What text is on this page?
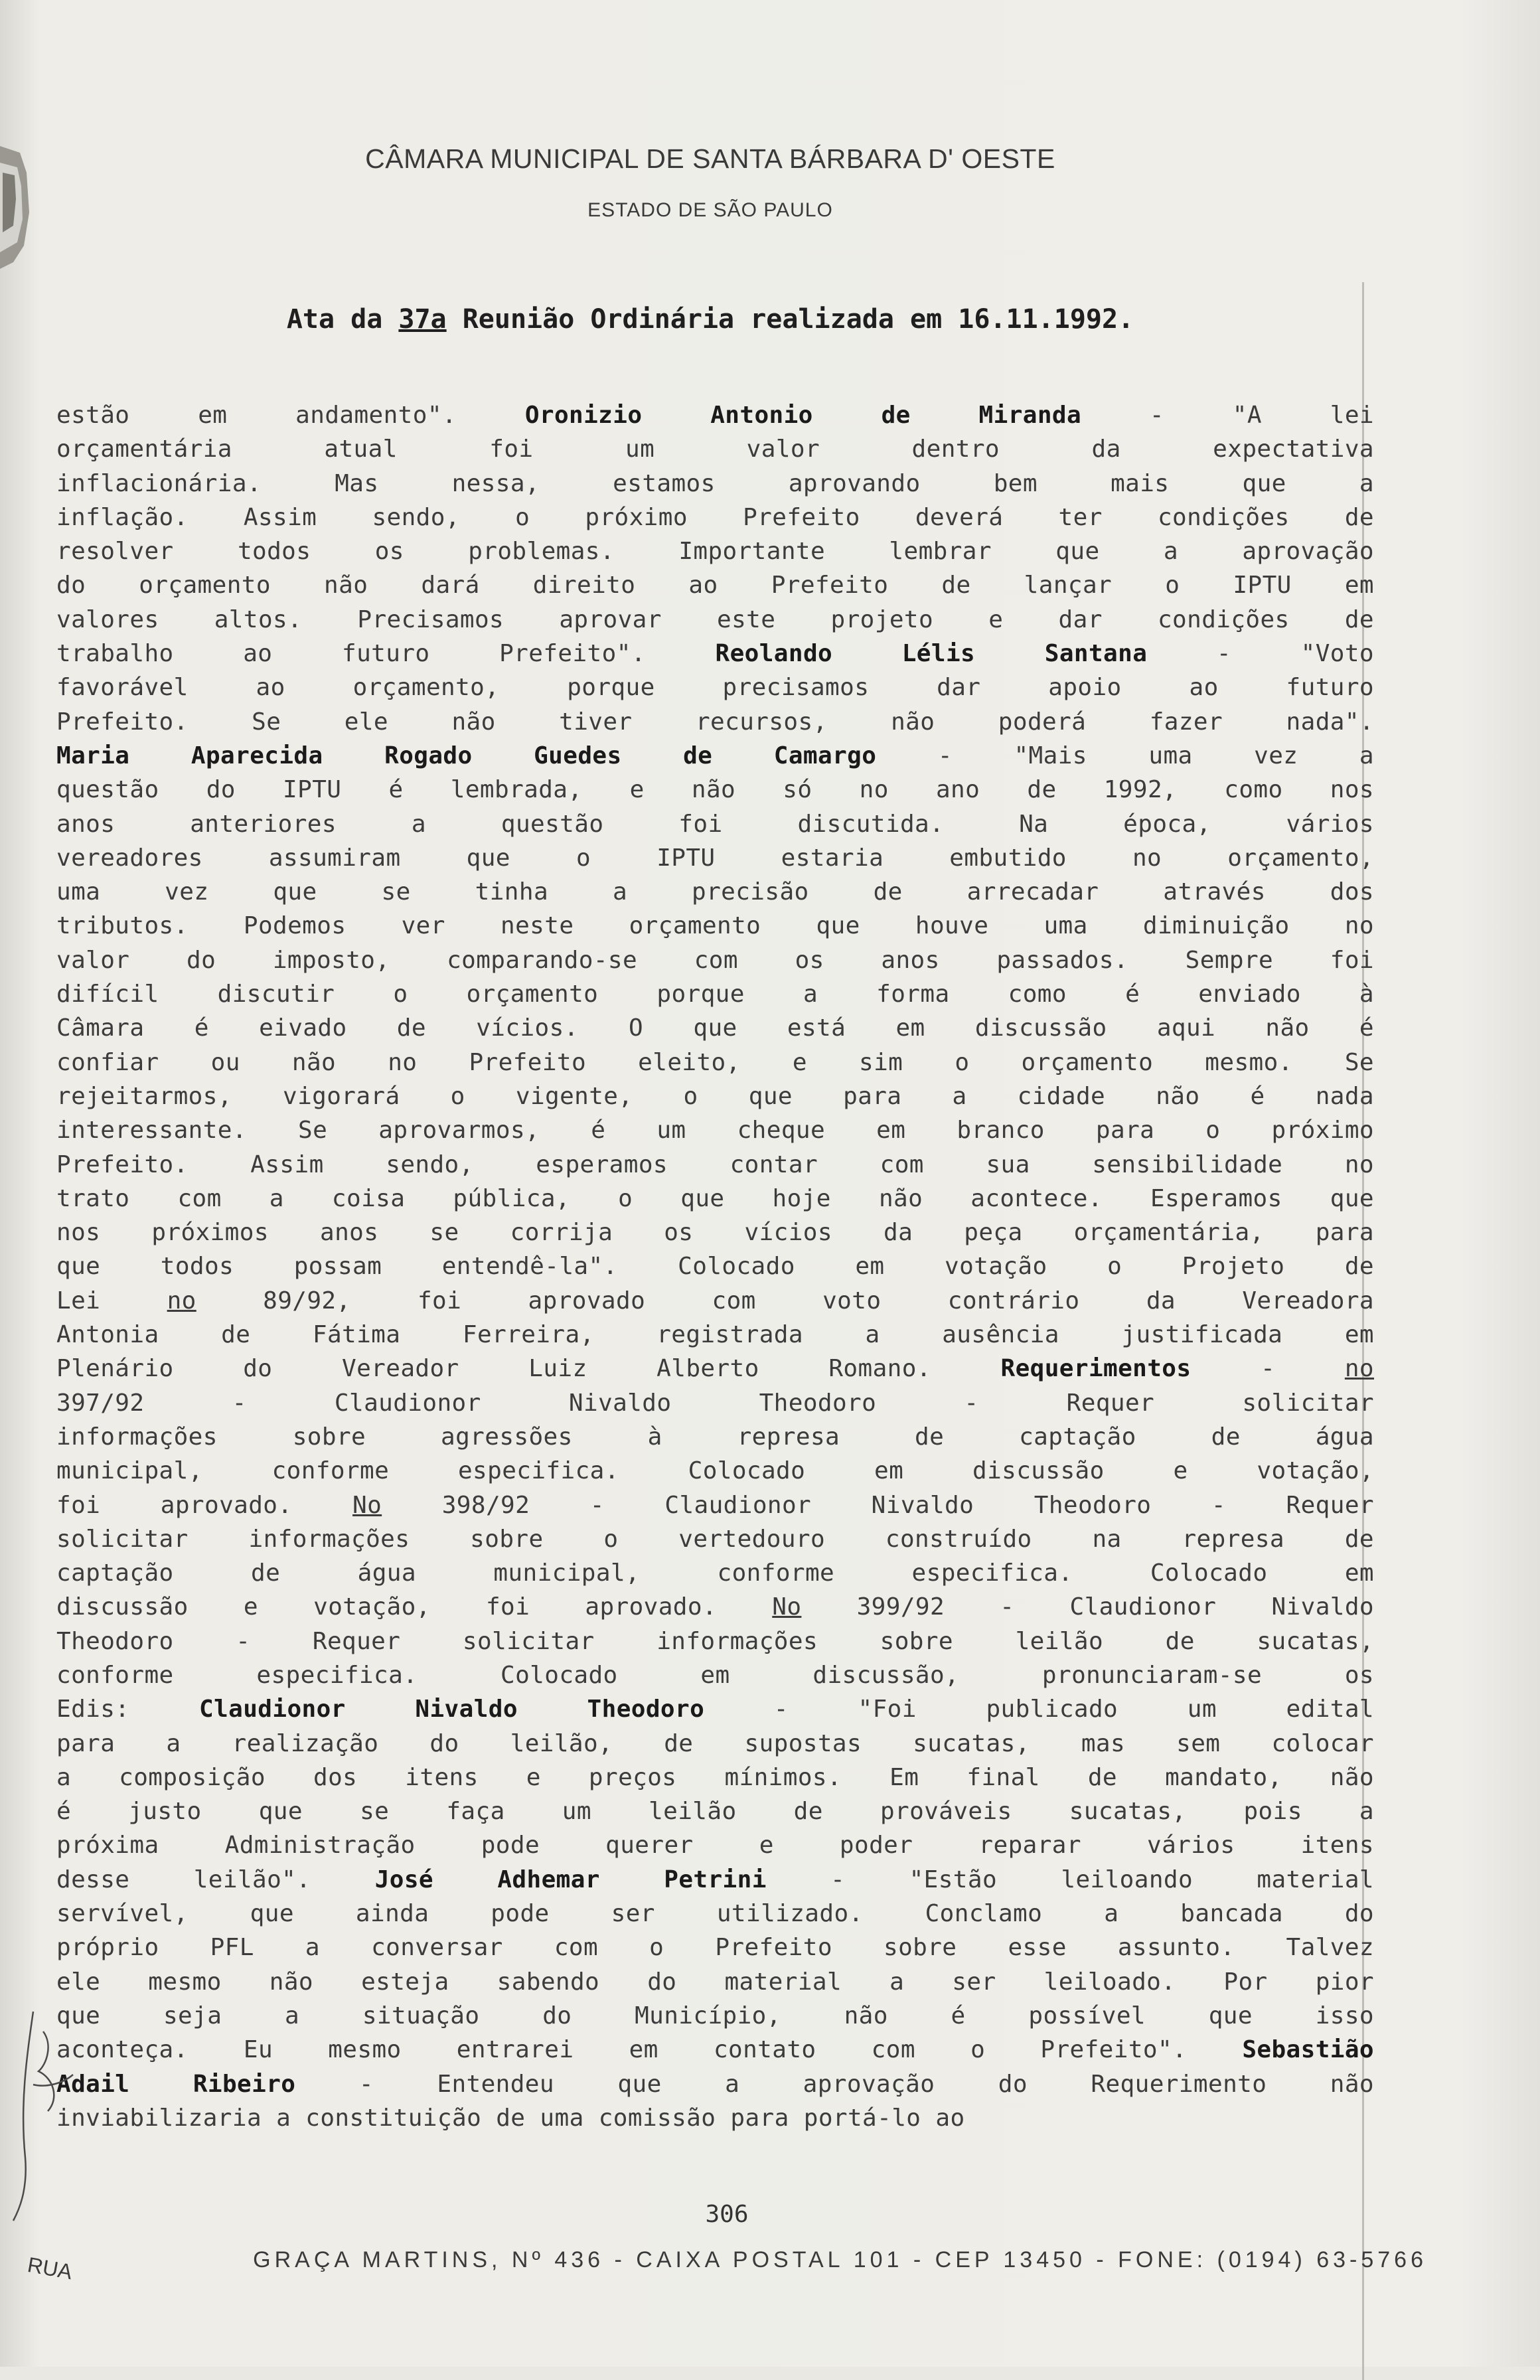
CÂMARA MUNICIPAL DE SANTA BÁRBARA D' OESTE
ESTADO DE SÃO PAULO
Ata da 37a Reunião Ordinária realizada em 16.11.1992.
estão em andamento". Oronizio Antonio de Miranda - "A lei
orçamentária atual foi um valor dentro da expectativa
inflacionária. Mas nessa, estamos aprovando bem mais que a
inflação. Assim sendo, o próximo Prefeito deverá ter condições de
resolver todos os problemas. Importante lembrar que a aprovação
do orçamento não dará direito ao Prefeito de lançar o IPTU em
valores altos. Precisamos aprovar este projeto e dar condições de
trabalho ao futuro Prefeito". Reolando Lélis Santana - "Voto
favorável ao orçamento, porque precisamos dar apoio ao futuro
Prefeito. Se ele não tiver recursos, não poderá fazer nada".
Maria Aparecida Rogado Guedes de Camargo - "Mais uma vez a
questão do IPTU é lembrada, e não só no ano de 1992, como nos
anos anteriores a questão foi discutida. Na época, vários
vereadores assumiram que o IPTU estaria embutido no orçamento,
uma vez que se tinha a precisão de arrecadar através dos
tributos. Podemos ver neste orçamento que houve uma diminuição no
valor do imposto, comparando-se com os anos passados. Sempre foi
difícil discutir o orçamento porque a forma como é enviado à
Câmara é eivado de vícios. O que está em discussão aqui não é
confiar ou não no Prefeito eleito, e sim o orçamento mesmo. Se
rejeitarmos, vigorará o vigente, o que para a cidade não é nada
interessante. Se aprovarmos, é um cheque em branco para o próximo
Prefeito. Assim sendo, esperamos contar com sua sensibilidade no
trato com a coisa pública, o que hoje não acontece. Esperamos que
nos próximos anos se corrija os vícios da peça orçamentária, para
que todos possam entendê-la". Colocado em votação o Projeto de
Lei no 89/92, foi aprovado com voto contrário da Vereadora
Antonia de Fátima Ferreira, registrada a ausência justificada em
Plenário do Vereador Luiz Alberto Romano. Requerimentos - no
397/92 - Claudionor Nivaldo Theodoro - Requer solicitar
informações sobre agressões à represa de captação de água
municipal, conforme especifica. Colocado em discussão e votação,
foi aprovado. No 398/92 - Claudionor Nivaldo Theodoro - Requer
solicitar informações sobre o vertedouro construído na represa de
captação de água municipal, conforme especifica. Colocado em
discussão e votação, foi aprovado. No 399/92 - Claudionor Nivaldo
Theodoro - Requer solicitar informações sobre leilão de sucatas,
conforme especifica. Colocado em discussão, pronunciaram-se os
Edis: Claudionor Nivaldo Theodoro - "Foi publicado um edital
para a realização do leilão, de supostas sucatas, mas sem colocar
a composição dos itens e preços mínimos. Em final de mandato, não
é justo que se faça um leilão de prováveis sucatas, pois a
próxima Administração pode querer e poder reparar vários itens
desse leilão". José Adhemar Petrini - "Estão leiloando material
servível, que ainda pode ser utilizado. Conclamo a bancada do
próprio PFL a conversar com o Prefeito sobre esse assunto. Talvez
ele mesmo não esteja sabendo do material a ser leiloado. Por pior
que seja a situação do Município, não é possível que isso
aconteça. Eu mesmo entrarei em contato com o Prefeito". Sebastião
Adail Ribeiro - Entendeu que a aprovação do Requerimento não
inviabilizaria a constituição de uma comissão para portá-lo ao
306
RUA	GRAÇA MARTINS, Nº 436 - CAIXA POSTAL 101 - CEP 13450 - FONE: (0194) 63-5766
